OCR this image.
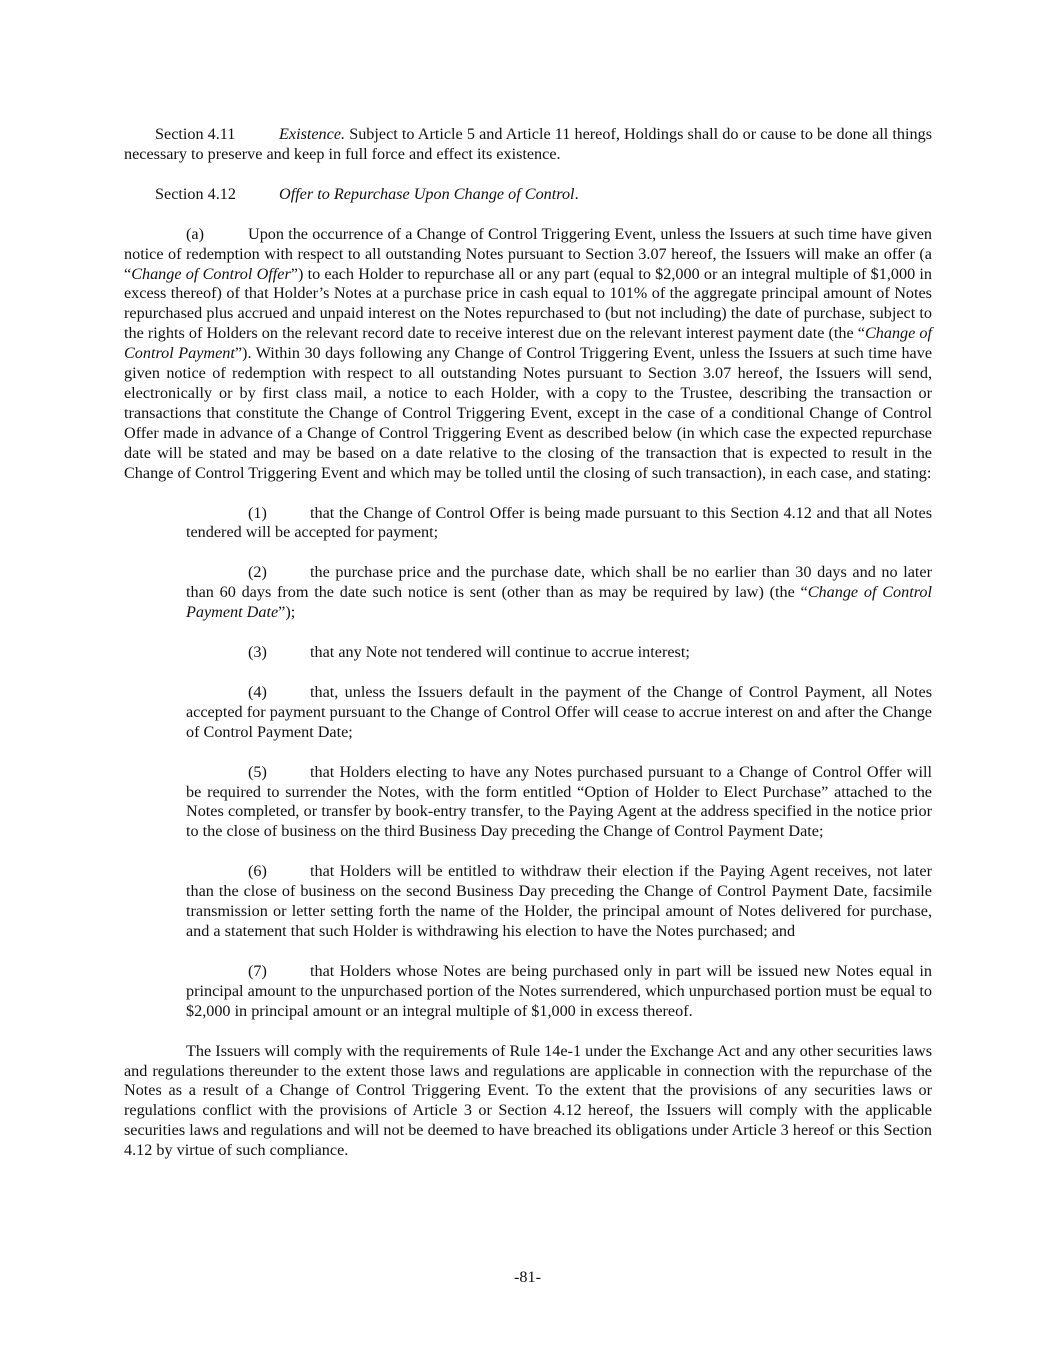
Section 4.11	Existence. Subject to Article 5 and Article 11 hereof, Holdings shall do or cause to be done all things necessary to preserve and keep in full force and effect its existence.

Section 4.12	Offer to Repurchase Upon Change of Control.

(a)	Upon the occurrence of a Change of Control Triggering Event, unless the Issuers at such time have given notice of redemption with respect to all outstanding Notes pursuant to Section 3.07 hereof, the Issuers will make an offer (a “Change of Control Offer”) to each Holder to repurchase all or any part (equal to $2,000 or an integral multiple of $1,000 in excess thereof) of that Holder’s Notes at a purchase price in cash equal to 101% of the aggregate principal amount of Notes repurchased plus accrued and unpaid interest on the Notes repurchased to (but not including) the date of purchase, subject to the rights of Holders on the relevant record date to receive interest due on the relevant interest payment date (the “Change of Control Payment”). Within 30 days following any Change of Control Triggering Event, unless the Issuers at such time have given notice of redemption with respect to all outstanding Notes pursuant to Section 3.07 hereof, the Issuers will send, electronically or by first class mail, a notice to each Holder, with a copy to the Trustee, describing the transaction or transactions that constitute the Change of Control Triggering Event, except in the case of a conditional Change of Control Offer made in advance of a Change of Control Triggering Event as described below (in which case the expected repurchase date will be stated and may be based on a date relative to the closing of the transaction that is expected to result in the Change of Control Triggering Event and which may be tolled until the closing of such transaction), in each case, and stating:

(1)	that the Change of Control Offer is being made pursuant to this Section 4.12 and that all Notes tendered will be accepted for payment;

(2)	the purchase price and the purchase date, which shall be no earlier than 30 days and no later than 60 days from the date such notice is sent (other than as may be required by law) (the “Change of Control Payment Date”);

(3)	that any Note not tendered will continue to accrue interest;

(4)	that, unless the Issuers default in the payment of the Change of Control Payment, all Notes accepted for payment pursuant to the Change of Control Offer will cease to accrue interest on and after the Change of Control Payment Date;

(5)	that Holders electing to have any Notes purchased pursuant to a Change of Control Offer will be required to surrender the Notes, with the form entitled “Option of Holder to Elect Purchase” attached to the Notes completed, or transfer by book-entry transfer, to the Paying Agent at the address specified in the notice prior to the close of business on the third Business Day preceding the Change of Control Payment Date;

(6)	that Holders will be entitled to withdraw their election if the Paying Agent receives, not later than the close of business on the second Business Day preceding the Change of Control Payment Date, facsimile transmission or letter setting forth the name of the Holder, the principal amount of Notes delivered for purchase, and a statement that such Holder is withdrawing his election to have the Notes purchased; and

(7)	that Holders whose Notes are being purchased only in part will be issued new Notes equal in principal amount to the unpurchased portion of the Notes surrendered, which unpurchased portion must be equal to $2,000 in principal amount or an integral multiple of $1,000 in excess thereof.

The Issuers will comply with the requirements of Rule 14e-1 under the Exchange Act and any other securities laws and regulations thereunder to the extent those laws and regulations are applicable in connection with the repurchase of the Notes as a result of a Change of Control Triggering Event. To the extent that the provisions of any securities laws or regulations conflict with the provisions of Article 3 or Section 4.12 hereof, the Issuers will comply with the applicable securities laws and regulations and will not be deemed to have breached its obligations under Article 3 hereof or this Section 4.12 by virtue of such compliance.

-81-
